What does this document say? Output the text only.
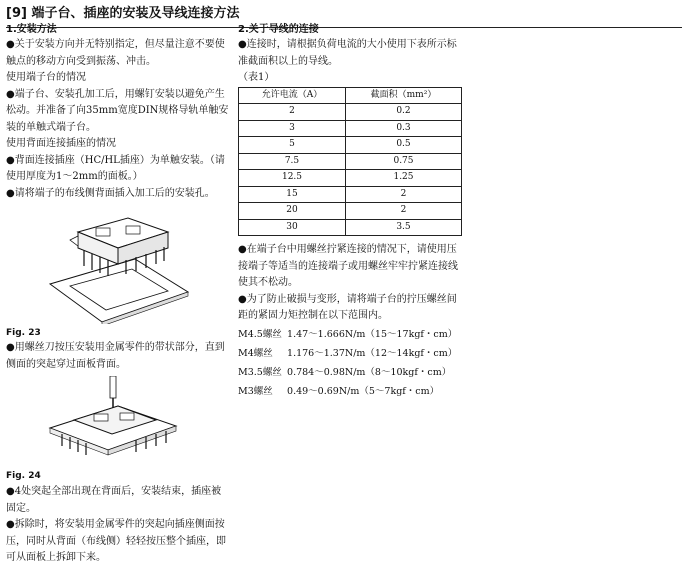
[9] 端子台、插座的安装及导线连接方法
1.安装方法

●关于安装方向并无特别指定，但尽量注意不要使触点的移动方向受到振荡、冲击。

使用端子台的情况

●端子台、安装孔加工后，用螺钉安装以避免产生松动。并准备了向35mm宽度DIN规格导轨单触安装的单触式端子台。

使用背面连接插座的情况

●背面连接插座（HC/HL插座）为单触安装。（请使用厚度为1～2mm的面板。）

●请将端子的布线侧背面插入加工后的安装孔。

Fig. 23

●用螺丝刀按压安装用金属零件的带状部分，直到侧面的突起穿过面板背面。

Fig. 24

●4处突起全部出现在背面后，安装结束，插座被固定。

●拆除时，将安装用金属零件的突起向插座侧面按压，同时从背面（布线侧）轻轻按压整个插座，即可从面板上拆卸下来。

2.关于导线的连接

●连接时，请根据负荷电流的大小使用下表所示标准截面积以上的导线。

（表1）

允许电流（A）	截面积（mm²）
2	0.2
3	0.3
5	0.5
7.5	0.75
12.5	1.25
15	2
20	2
30	3.5

●在端子台中用螺丝拧紧连接的情况下，请使用压接端子等适当的连接端子或用螺丝牢牢拧紧连接线使其不松动。

●为了防止破损与变形，请将端子台的拧压螺丝间距的紧固力矩控制在以下范围内。

M4.5螺丝 1.47～1.666N/m（15～17kgf・cm）
M4螺丝 1.176～1.37N/m（12～14kgf・cm）
M3.5螺丝 0.784～0.98N/m（8～10kgf・cm）
M3螺丝 0.49～0.69N/m（5～7kgf・cm）
